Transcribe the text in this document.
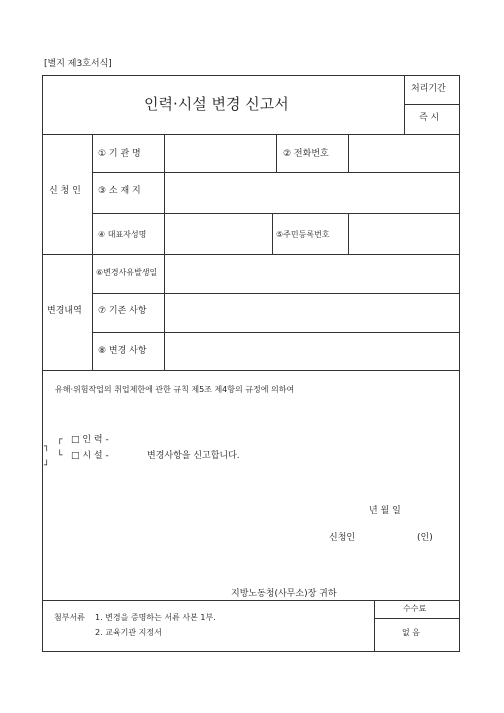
[별지 제3호서식]
인력·시설 변경 신고서
처리기간
즉 시
신 청 인
① 기 관 명	② 전화번호
③ 소 재 지
④ 대표자성명	⑤주민등록번호
변경내역
⑥변경사유발생일
⑦ 기존 사항
⑧ 변경 사항
유해·위험작업의 취업제한에 관한 규칙 제5조 제4항의 규정에 의하여
┌
└
┐
┘
□ 인 력 -
□ 시 설 -	변경사항을 신고합니다.
년 월 일
신청인	(인)
지방노동청(사무소)장 귀하
첨부서류 1. 변경을 증명하는 서류 사본 1부.
2. 교육기관 지정서
수수료
없 음
